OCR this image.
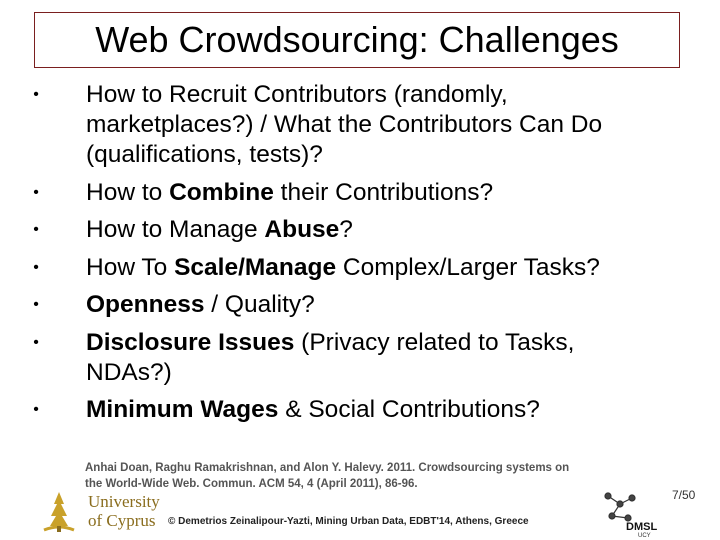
Web Crowdsourcing: Challenges
• How to Recruit Contributors (randomly,
marketplaces?) / What the Contributors Can Do
(qualifications, tests)?
• How to Combine their Contributions?
• How to Manage Abuse?
• How To Scale/Manage Complex/Larger Tasks?
• Openness / Quality?
• Disclosure Issues (Privacy related to Tasks,
NDAs?)
• Minimum Wages & Social Contributions?
Anhai Doan, Raghu Ramakrishnan, and Alon Y. Halevy. 2011. Crowdsourcing systems on
the World-Wide Web. Commun. ACM 54, 4 (April 2011), 86-96.
University
of Cyprus © Demetrios Zeinalipour-Yazti, Mining Urban Data, EDBT'14, Athens, Greece
7/50
DMSL
UCY
